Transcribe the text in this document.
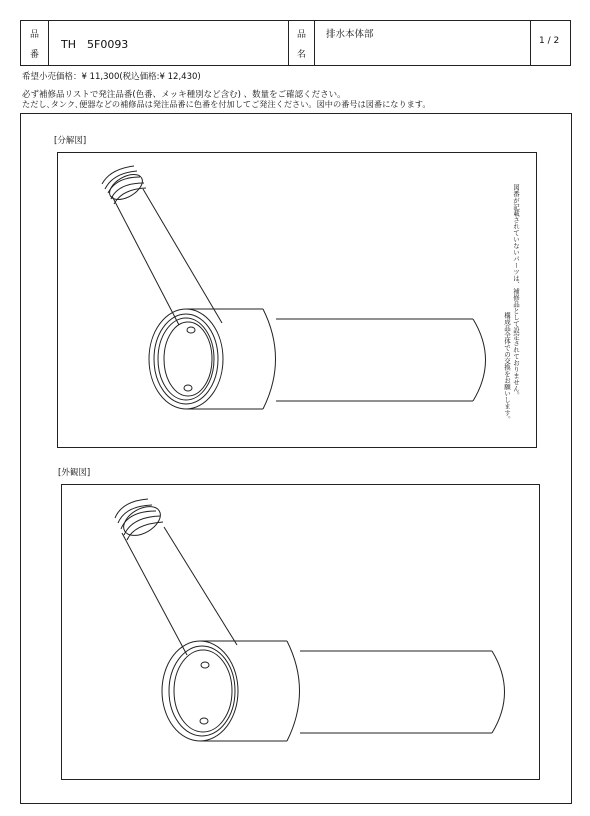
品
番
TH　5F0093
品
名
排水本体部
1 / 2
希望小売価格：¥ 11,300(税込価格:¥ 12,430)
必ず補修品リストで発注品番(色番、メッキ種別など含む) 、数量をご確認ください。
ただし､タンク､便器などの補修品は発注品番に色番を付加してご発注ください。図中の番号は図番になります。
[分解図]
図番が記載されていないパーツは、補修品として設定されておりません。
構成品全体での交換をお願いします。
[外観図]
